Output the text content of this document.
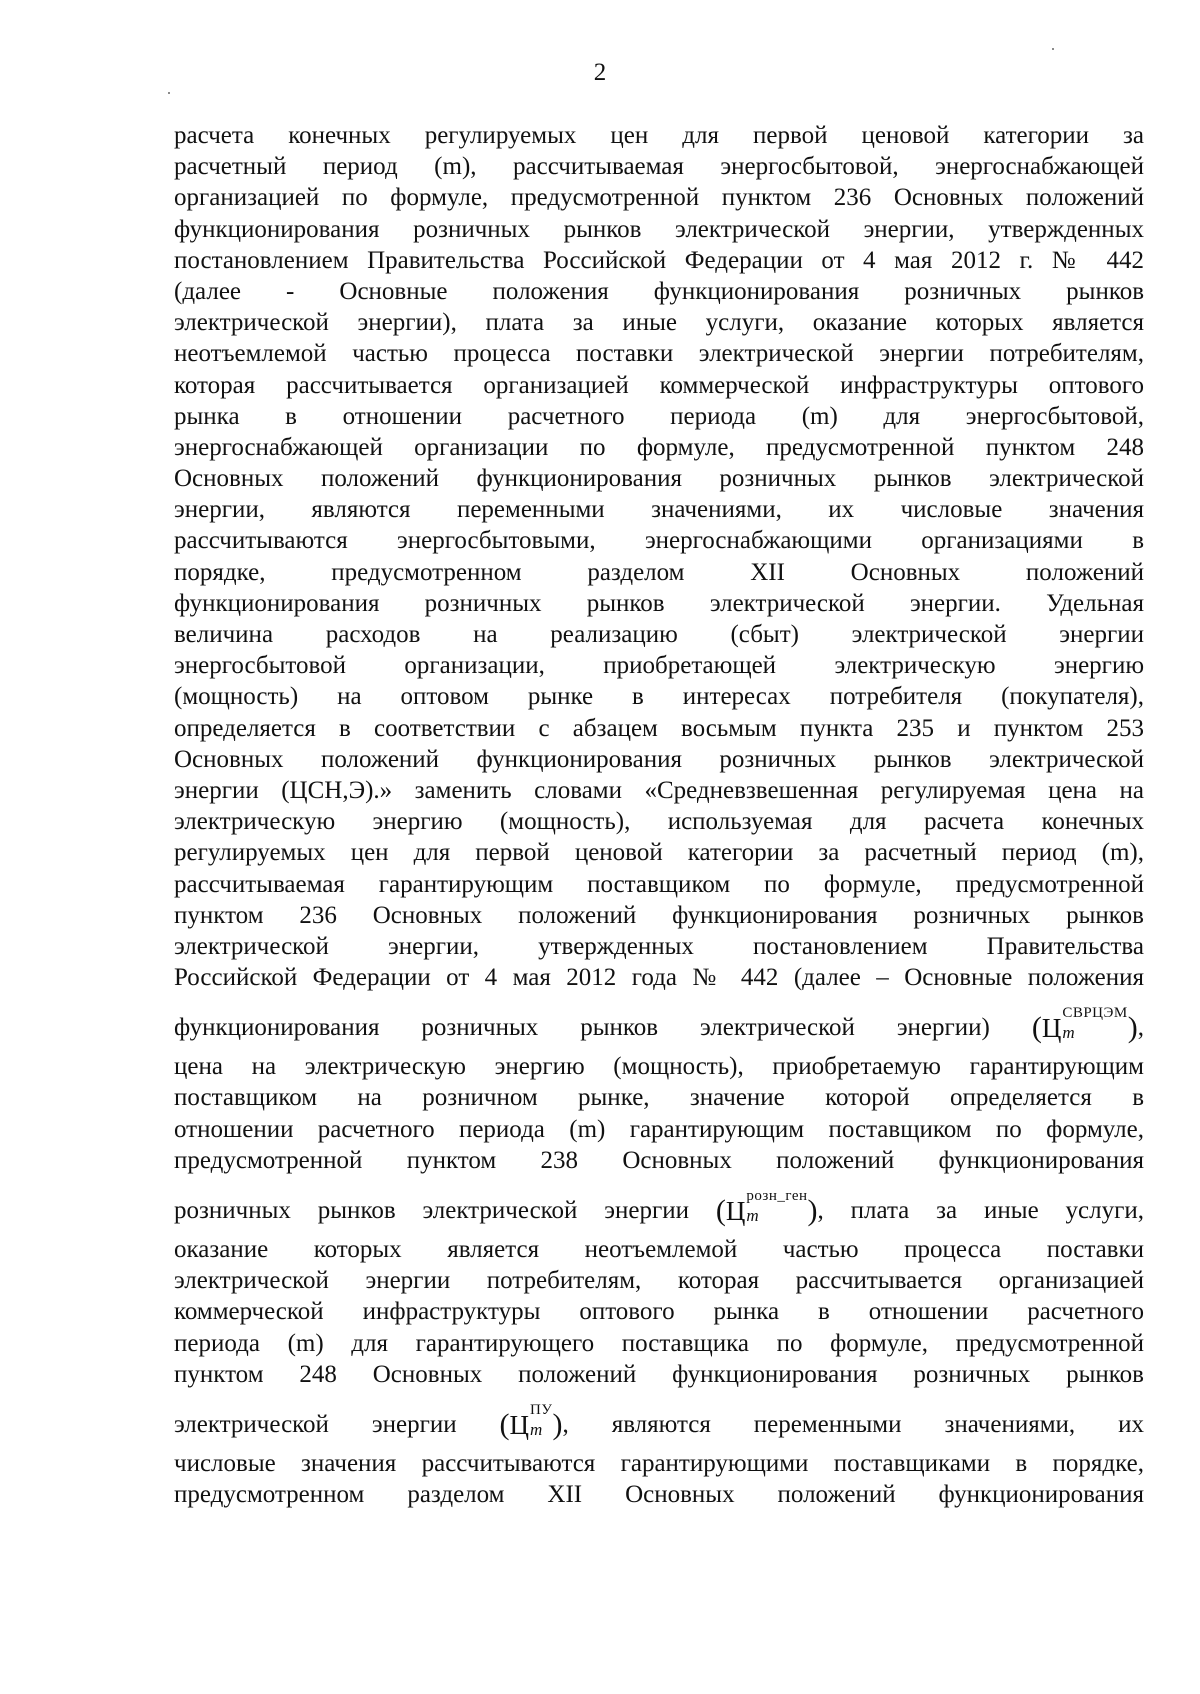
2
расчета конечных регулируемых цен для первой ценовой категории за
расчетный период (m), рассчитываемая энергосбытовой, энергоснабжающей
организацией по формуле, предусмотренной пунктом 236 Основных положений
функционирования розничных рынков электрической энергии, утвержденных
постановлением Правительства Российской Федерации от 4 мая 2012 г. № 442
(далее - Основные положения функционирования розничных рынков
электрической энергии), плата за иные услуги, оказание которых является
неотъемлемой частью процесса поставки электрической энергии потребителям,
которая рассчитывается организацией коммерческой инфраструктуры оптового
рынка в отношении расчетного периода (m) для энергосбытовой,
энергоснабжающей организации по формуле, предусмотренной пунктом 248
Основных положений функционирования розничных рынков электрической
энергии, являются переменными значениями, их числовые значения
рассчитываются энергосбытовыми, энергоснабжающими организациями в
порядке, предусмотренном разделом XII Основных положений
функционирования розничных рынков электрической энергии. Удельная
величина расходов на реализацию (сбыт) электрической энергии
энергосбытовой организации, приобретающей электрическую энергию
(мощность) на оптовом рынке в интересах потребителя (покупателя),
определяется в соответствии с абзацем восьмым пункта 235 и пунктом 253
Основных положений функционирования розничных рынков электрической
энергии (ЦСН,Э).» заменить словами «Средневзвешенная регулируемая цена на
электрическую энергию (мощность), используемая для расчета конечных
регулируемых цен для первой ценовой категории за расчетный период (m),
рассчитываемая гарантирующим поставщиком по формуле, предусмотренной
пунктом 236 Основных положений функционирования розничных рынков
электрической энергии, утвержденных постановлением Правительства
Российской Федерации от 4 мая 2012 года № 442 (далее – Основные положения
функционирования розничных рынков электрической энергии) (Ц
СВРЦЭМ
m	),
цена на электрическую энергию (мощность), приобретаемую гарантирующим
поставщиком на розничном рынке, значение которой определяется в
отношении расчетного периода (m) гарантирующим поставщиком по формуле,
предусмотренной пунктом 238 Основных положений функционирования
розничных рынков электрической энергии (Ц
розн_ген
m	), плата за иные услуги,
оказание которых является неотъемлемой частью процесса поставки
электрической энергии потребителям, которая рассчитывается организацией
коммерческой инфраструктуры оптового рынка в отношении расчетного
периода (m) для гарантирующего поставщика по формуле, предусмотренной
пунктом 248 Основных положений функционирования розничных рынков
электрической энергии (Ц
ПУ
m ), являются переменными значениями, их
числовые значения рассчитываются гарантирующими поставщиками в порядке,
предусмотренном разделом XII Основных положений функционирования
